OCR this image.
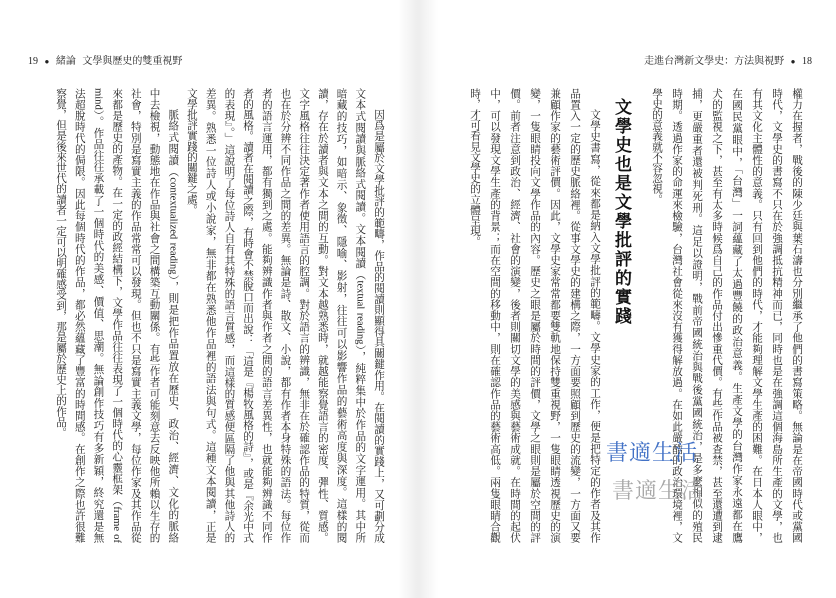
19 ● 緒論 文學與歷史的雙重視野
因爲是屬於文學批評的範疇，作品的閱讀則顯得具關鍵作用。在閱讀的實踐上，又可劃分成
文本式閱讀與脈絡式閱讀。文本閱讀（textual reading），純粹集中於作品的文字運用。其中所
暗藏的技巧，如暗示、象徵、隱喻、影射，往往可以影響作品的藝術高度與深度。這樣的閱
讀，存在於讀者與文本之間的互動。對文本越熟悉時，就越能察覺語言的密度、彈性、質感。
文字風格往往決定著作者使用語言的腔調。對於語言的辨識，無非在於確認作品的特質，從而
也在於分辨不同作品之間的差異。無論是詩、散文、小說，都有作者本身特殊的語法。每位作
者的語言運用，都有獨到之處。能夠辨識作者與作者之間的語言差異性，也就能夠辨識不同作
者的風格。讀者在閱讀之際，有時會不禁脫口而出說：「這是『楊牧風格的詩』，或是『余光中式
的表現』。」這說明了每位詩人自有其特殊的語言質感，而這樣的質感便區隔了他與其他詩人的
差異。熟悉一位詩人或小說家，無非都在熟悉他作品裡的語法與句式。這種文本閱讀，正是
文學批評實踐的關鍵之處。
脈絡式閱讀（contextualized reading），則是把作品置放在歷史、政治、經濟、文化的脈絡
中去檢視，動態地在作品與社會之間構築互動關係。有些作者可能刻意去反映他所賴以生存的
社會，特別是寫實主義的作品常常可以發現。但也不只是寫實主義文學，每位作家及其作品從
來都是歷史的產物。在一定的政經結構下，文學作品往往表現了一個時代的心靈框架（frame of
mind）。作品往往承載了一個時代的美感、價值、思潮。無論創作技巧有多新穎，終究還是無
法超脫時代的侷限。因此每個時代的作品，都必然蘊藏了豐富的時間感。在創作之際也許很難
察覺，但是後來世代的讀者一定可以明確感受到，那是屬於歷史上的作品。
走進台灣新文學史：方法與視野 ● 18
權力在握者，戰後的陳少廷與葉石濤也分別繼承了他們的書寫策略。無論是在帝國時代或黨國
時代，文學史的書寫不只在於強調抵抗精神而已，同時也是在強調這個海島所生產的文學，也
有其文化主體性的意義。只有回到他們的時代，才能夠理解文學生產的困難。在日本人眼中，
在國民黨眼中，「台灣」一詞蘊藏了太過豐饒的政治意義。生產文學的台灣作家永遠都在鷹
犬的監視之下，甚至有太多時候爲自己的作品付出慘重代價。有些作品被查禁，甚至還遭到逮
捕，更嚴重者還被判死刑。這足以證明，戰前帝國統治與戰後黨國統治，是多麼相似的殖民
時期。透過作家的命運來檢驗，台灣社會從來沒有獲得解放過。在如此嚴酷的政治環境裡，文
學史的意義就不容忽視。
文學史也是文學批評的實踐
文學史書寫，從來都是納入文學批評的範疇。文學史家的工作，便是把特定的作者及其作
品置入一定的歷史脈絡裡。從事文學史的建構之際，一方面要照顧到歷史的流變，一方面又要
兼顧作家的藝術評價。因此，文學史家常常都要雙軌地保持雙重視野，一隻眼睛透視歷史的演
變，一隻眼睛投向文學作品的內容。歷史之眼是屬於時間的評價，文學之眼則是屬於空間的評
價。前者注意到政治、經濟、社會的演變，後者則關切文學的美感與藝術成就。在時間的起伏
中，可以發現文學生產的背景；而在空間的移動中，則在確認作品的藝術高低。兩隻眼睛合觀
時，才可看見文學史的立體呈現。
書適生活
書適生活
